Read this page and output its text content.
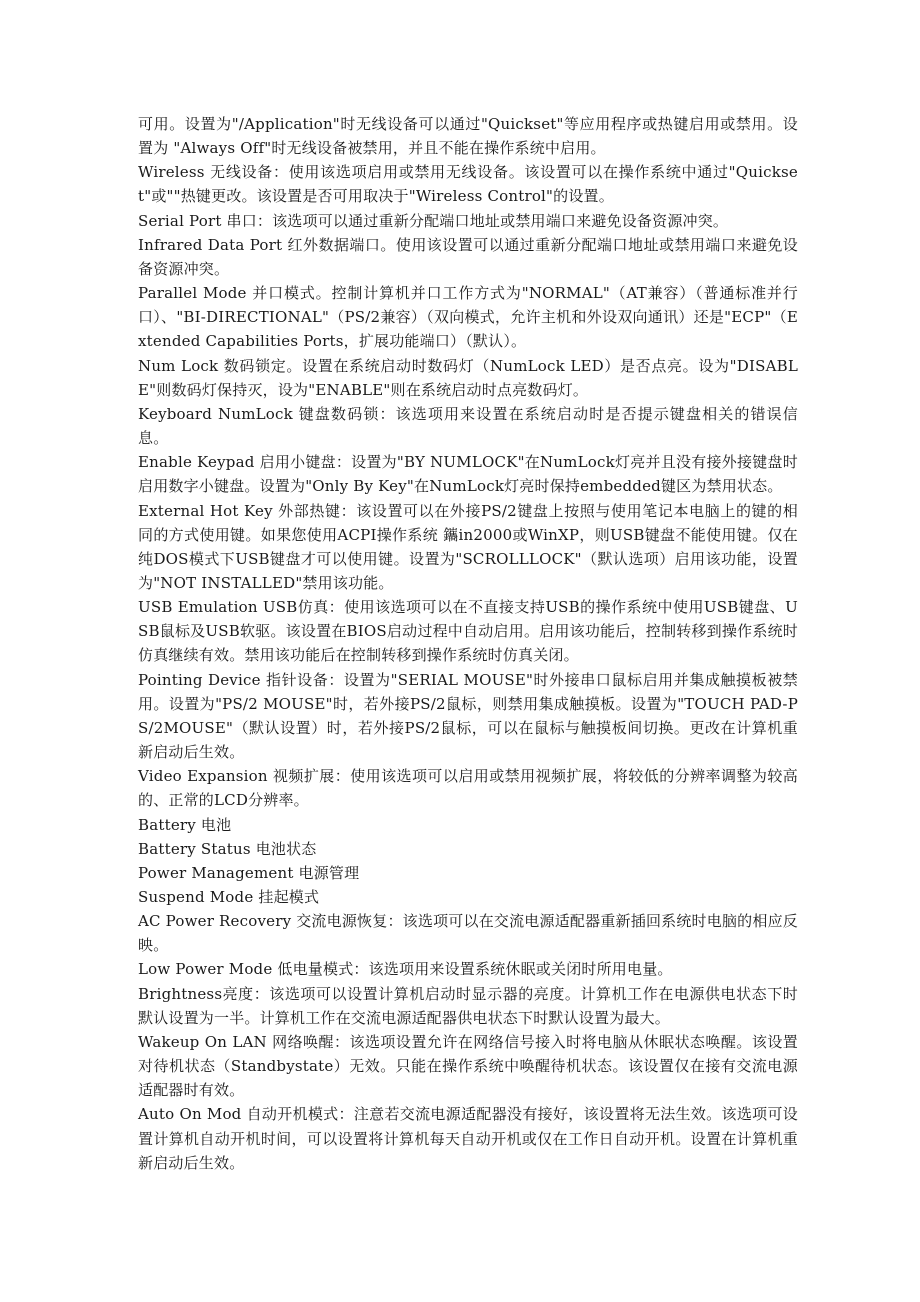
可用。设置为"/Application"时无线设备可以通过"Quickset"等应用程序或热键启用或禁用。设置为 "Always Off"时无线设备被禁用，并且不能在操作系统中启用。

Wireless 无线设备：使用该选项启用或禁用无线设备。该设置可以在操作系统中通过"Quickset"或""热键更改。该设置是否可用取决于"Wireless Control"的设置。

Serial Port 串口：该选项可以通过重新分配端口地址或禁用端口来避免设备资源冲突。

Infrared Data Port 红外数据端口。使用该设置可以通过重新分配端口地址或禁用端口来避免设备资源冲突。

Parallel Mode 并口模式。控制计算机并口工作方式为"NORMAL"（AT兼容）（普通标准并行口）、"BI-DIRECTIONAL"（PS/2兼容）（双向模式，允许主机和外设双向通讯）还是"ECP"（Extended Capabilities Ports，扩展功能端口）（默认）。

Num Lock 数码锁定。设置在系统启动时数码灯（NumLock LED）是否点亮。设为"DISABLE"则数码灯保持灭，设为"ENABLE"则在系统启动时点亮数码灯。

Keyboard NumLock 键盘数码锁：该选项用来设置在系统启动时是否提示键盘相关的错误信息。

Enable Keypad 启用小键盘：设置为"BY NUMLOCK"在NumLock灯亮并且没有接外接键盘时启用数字小键盘。设置为"Only By Key"在NumLock灯亮时保持embedded键区为禁用状态。

External Hot Key 外部热键：该设置可以在外接PS/2键盘上按照与使用笔记本电脑上的键的相同的方式使用键。如果您使用ACPI操作系统 鑴in2000或WinXP，则USB键盘不能使用键。仅在纯DOS模式下USB键盘才可以使用键。设置为"SCROLLLOCK"（默认选项）启用该功能，设置为"NOT INSTALLED"禁用该功能。

USB Emulation USB仿真：使用该选项可以在不直接支持USB的操作系统中使用USB键盘、USB鼠标及USB软驱。该设置在BIOS启动过程中自动启用。启用该功能后，控制转移到操作系统时仿真继续有效。禁用该功能后在控制转移到操作系统时仿真关闭。

Pointing Device 指针设备：设置为"SERIAL MOUSE"时外接串口鼠标启用并集成触摸板被禁用。设置为"PS/2 MOUSE"时，若外接PS/2鼠标，则禁用集成触摸板。设置为"TOUCH PAD-PS/2MOUSE"（默认设置）时，若外接PS/2鼠标，可以在鼠标与触摸板间切换。更改在计算机重新启动后生效。

Video Expansion 视频扩展：使用该选项可以启用或禁用视频扩展，将较低的分辨率调整为较高的、正常的LCD分辨率。

Battery 电池

Battery Status 电池状态

Power Management 电源管理

Suspend Mode 挂起模式

AC Power Recovery 交流电源恢复：该选项可以在交流电源适配器重新插回系统时电脑的相应反映。

Low Power Mode 低电量模式：该选项用来设置系统休眠或关闭时所用电量。

Brightness亮度：该选项可以设置计算机启动时显示器的亮度。计算机工作在电源供电状态下时默认设置为一半。计算机工作在交流电源适配器供电状态下时默认设置为最大。

Wakeup On LAN 网络唤醒：该选项设置允许在网络信号接入时将电脑从休眠状态唤醒。该设置对待机状态（Standbystate）无效。只能在操作系统中唤醒待机状态。该设置仅在接有交流电源适配器时有效。

Auto On Mod 自动开机模式：注意若交流电源适配器没有接好，该设置将无法生效。该选项可设置计算机自动开机时间，可以设置将计算机每天自动开机或仅在工作日自动开机。设置在计算机重新启动后生效。
